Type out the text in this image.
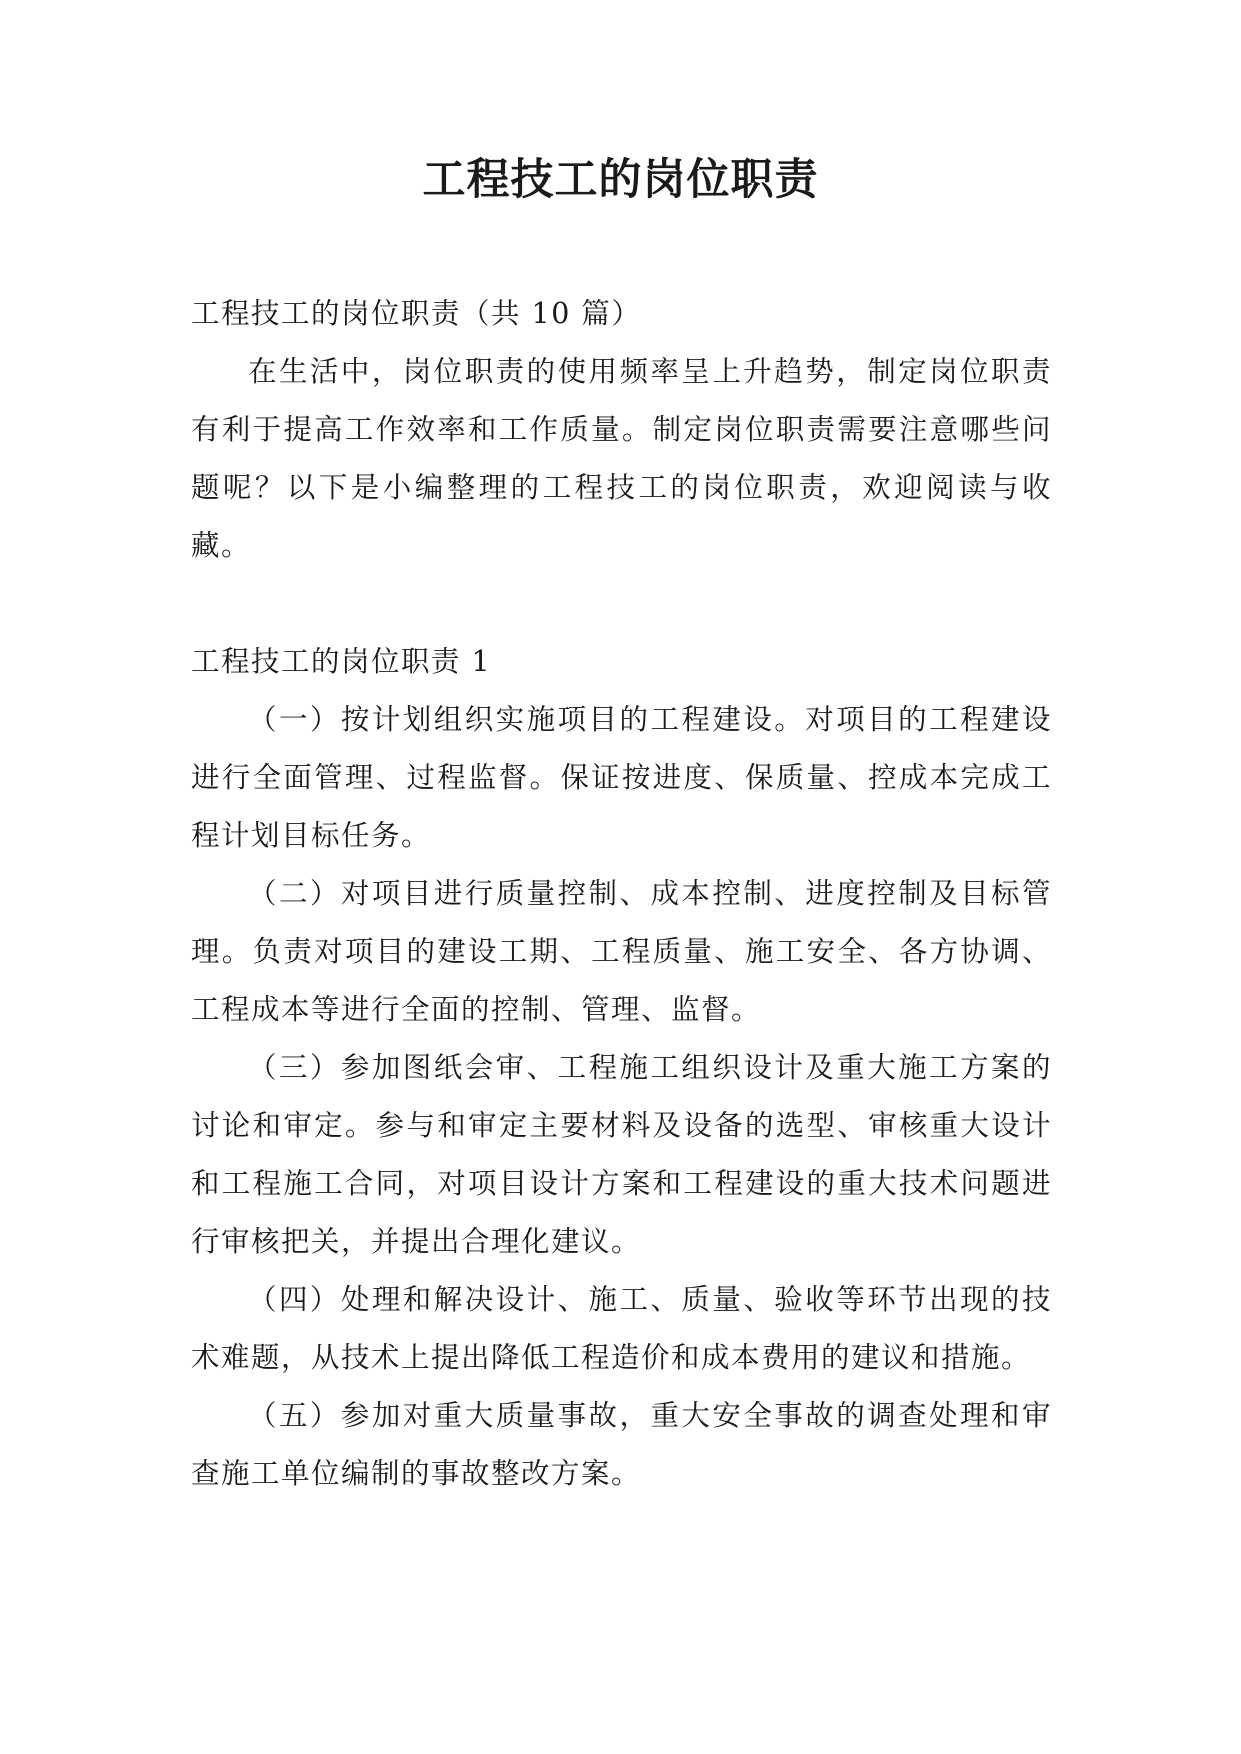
工程技工的岗位职责

工程技工的岗位职责（共 10 篇）

在生活中，岗位职责的使用频率呈上升趋势，制定岗位职责有利于提高工作效率和工作质量。制定岗位职责需要注意哪些问题呢？以下是小编整理的工程技工的岗位职责，欢迎阅读与收藏。

工程技工的岗位职责 1

（一）按计划组织实施项目的工程建设。对项目的工程建设进行全面管理、过程监督。保证按进度、保质量、控成本完成工程计划目标任务。

（二）对项目进行质量控制、成本控制、进度控制及目标管理。负责对项目的建设工期、工程质量、施工安全、各方协调、工程成本等进行全面的控制、管理、监督。

（三）参加图纸会审、工程施工组织设计及重大施工方案的讨论和审定。参与和审定主要材料及设备的选型、审核重大设计和工程施工合同，对项目设计方案和工程建设的重大技术问题进行审核把关，并提出合理化建议。

（四）处理和解决设计、施工、质量、验收等环节出现的技术难题，从技术上提出降低工程造价和成本费用的建议和措施。

（五）参加对重大质量事故，重大安全事故的调查处理和审查施工单位编制的事故整改方案。
